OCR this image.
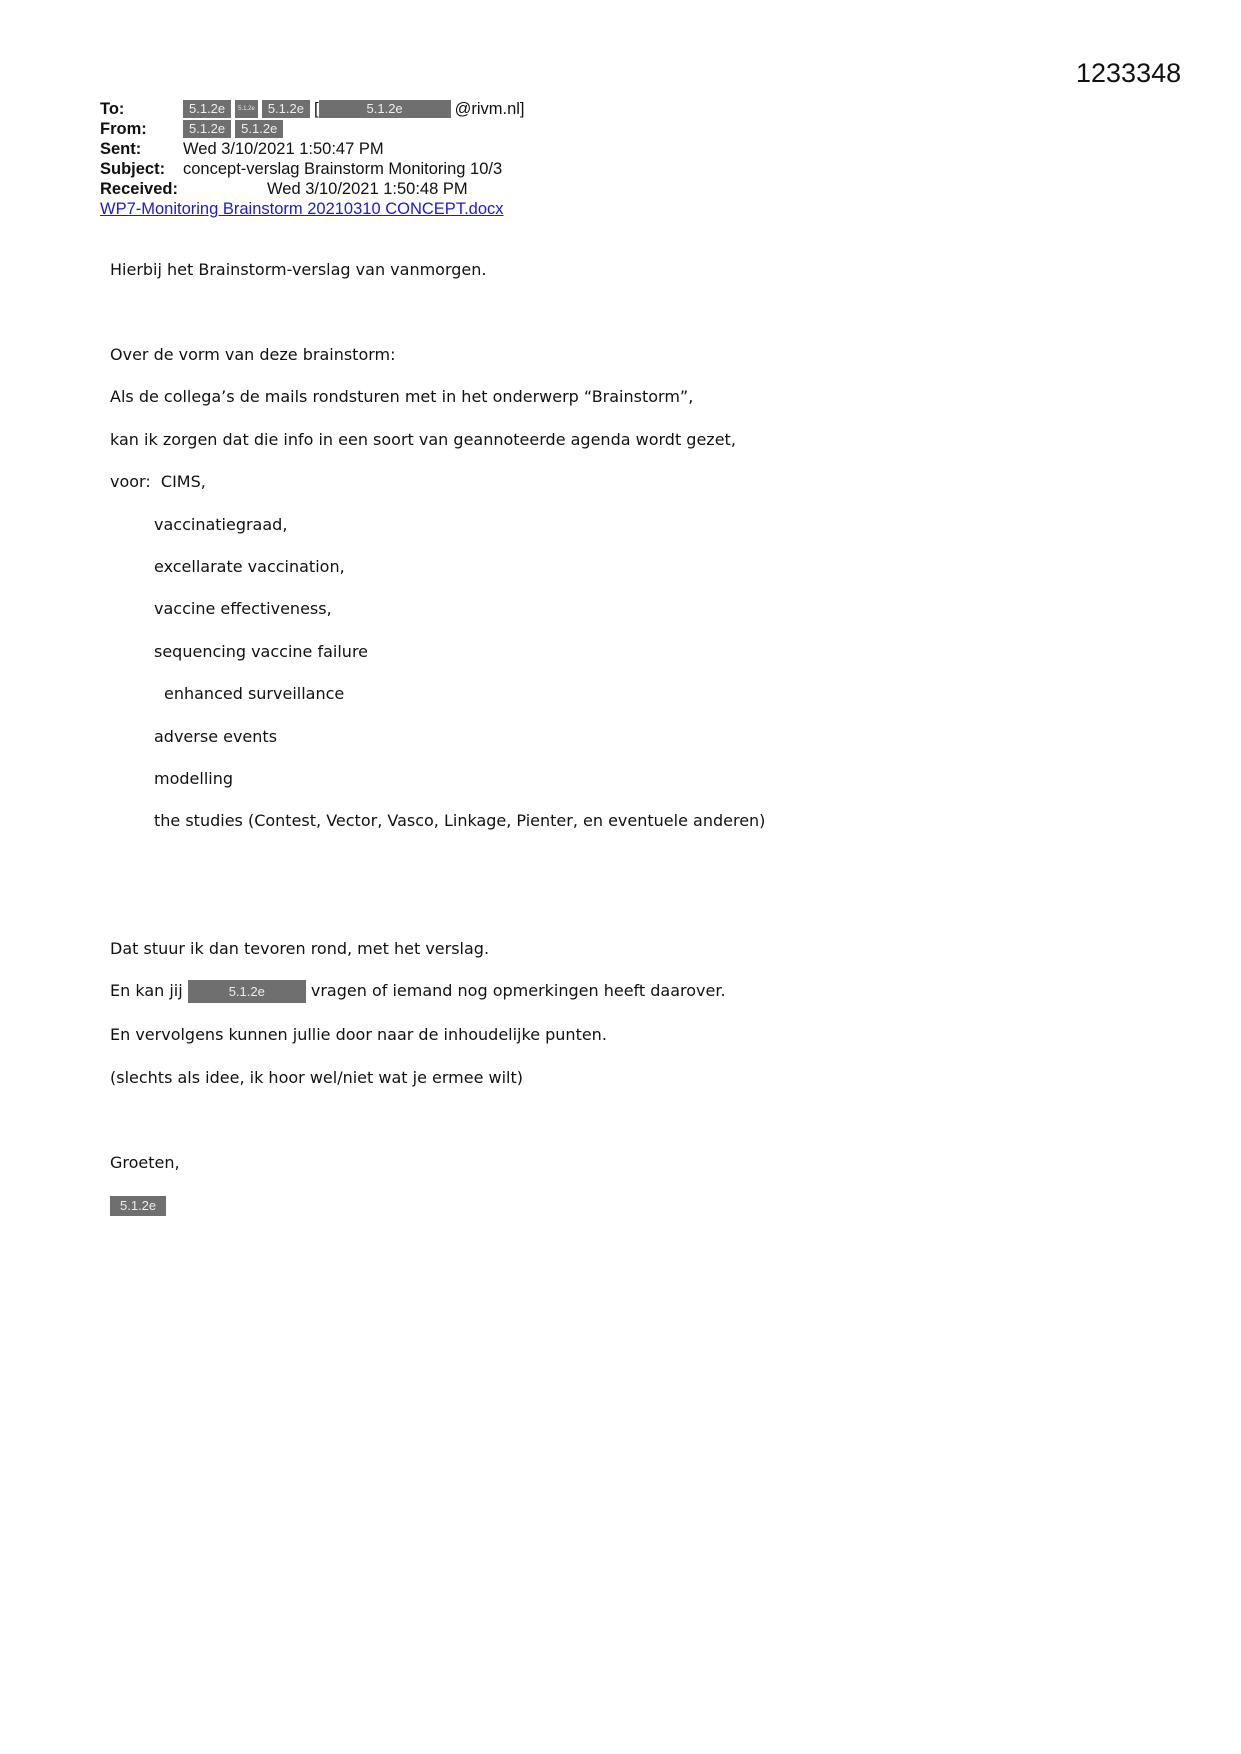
1233348
To:	5.1.2e	5.1.2e	5.1.2e [	5.1.2e	@rivm.nl]
From:	5.1.2e	5.1.2e
Sent:	Wed 3/10/2021 1:50:47 PM
Subject:	concept-verslag Brainstorm Monitoring 10/3
Received:	Wed 3/10/2021 1:50:48 PM
WP7-Monitoring Brainstorm 20210310 CONCEPT.docx

Hierbij het Brainstorm-verslag van vanmorgen.

Over de vorm van deze brainstorm:

Als de collega’s de mails rondsturen met in het onderwerp “Brainstorm”,

kan ik zorgen dat die info in een soort van geannoteerde agenda wordt gezet,

voor:  CIMS,

vaccinatiegraad,

excellarate vaccination,

vaccine effectiveness,

sequencing vaccine failure

enhanced surveillance

adverse events

modelling

the studies (Contest, Vector, Vasco, Linkage, Pienter, en eventuele anderen)

Dat stuur ik dan tevoren rond, met het verslag.

En kan jij	5.1.2e	vragen of iemand nog opmerkingen heeft daarover.

En vervolgens kunnen jullie door naar de inhoudelijke punten.

(slechts als idee, ik hoor wel/niet wat je ermee wilt)

Groeten,

5.1.2e
